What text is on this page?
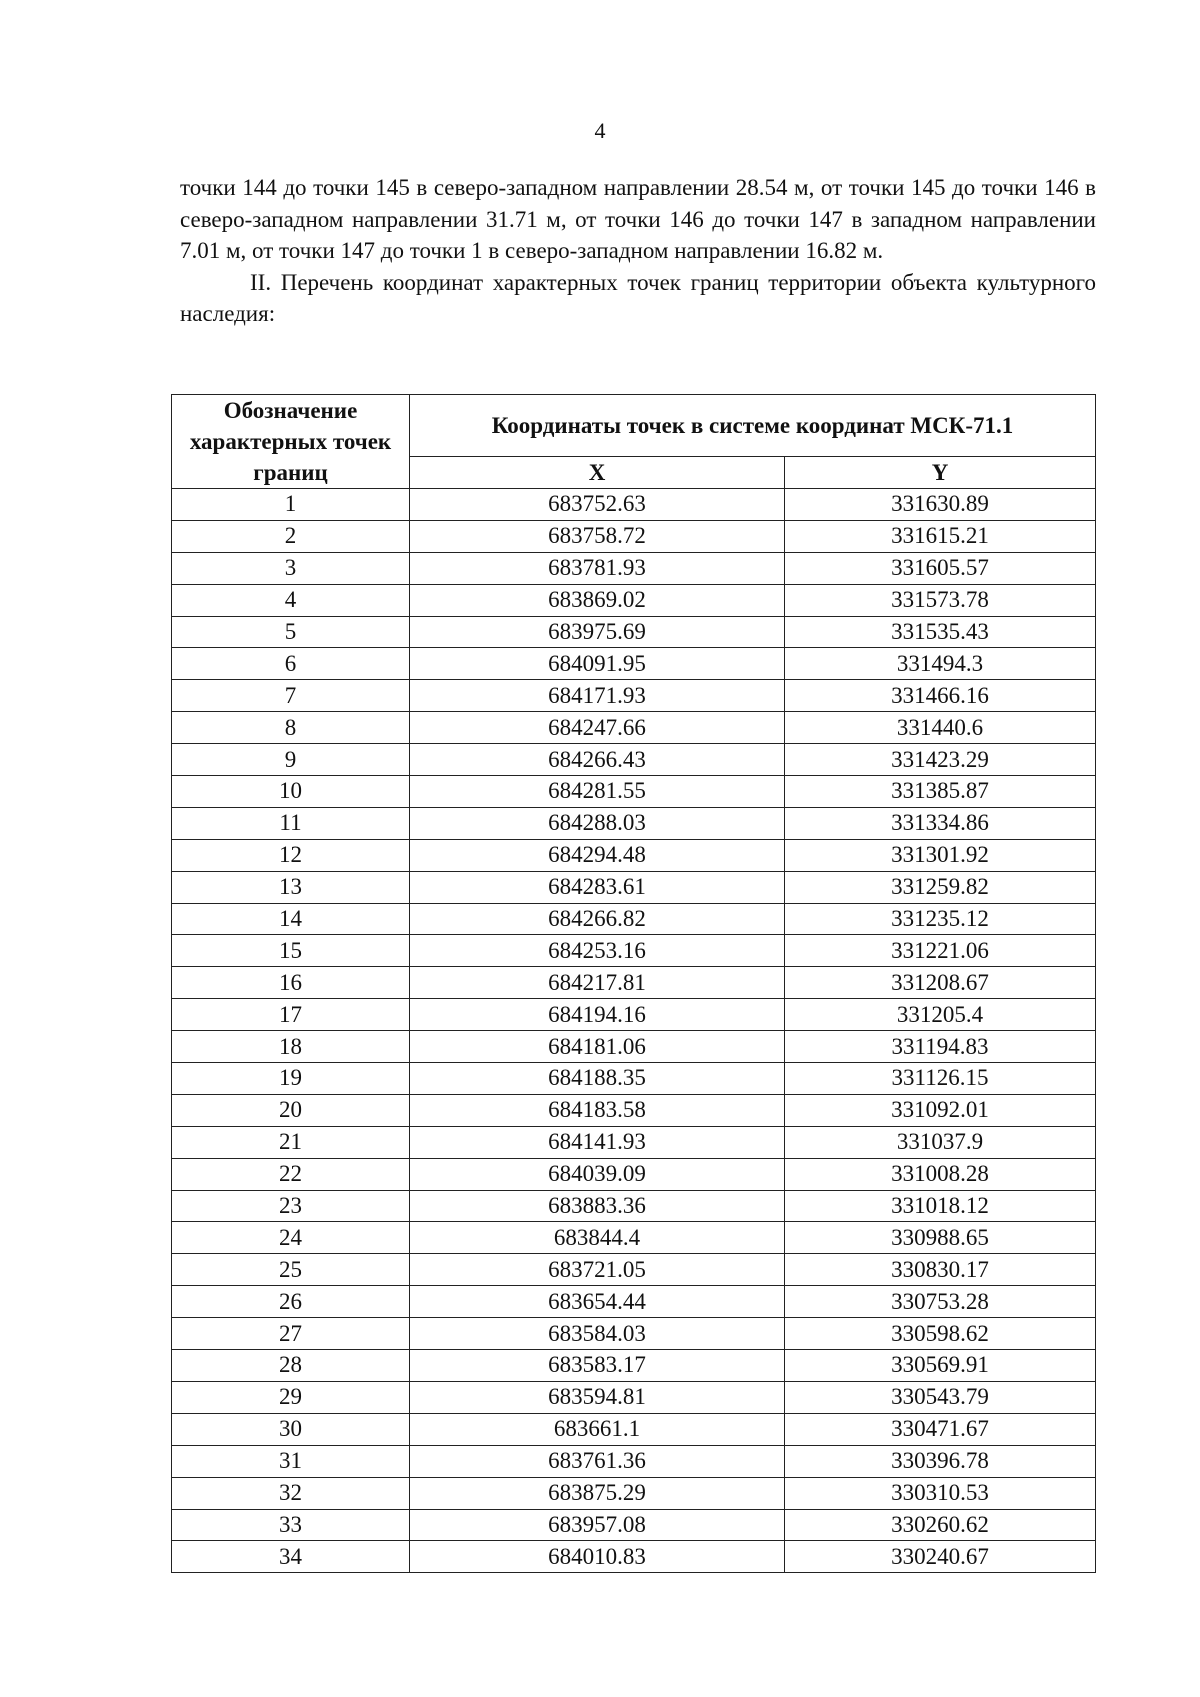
4

точки 144 до точки 145 в северо-западном направлении 28.54 м, от точки 145 до точки 146 в северо-западном направлении 31.71 м, от точки 146 до точки 147 в западном направлении 7.01 м, от точки 147 до точки 1 в северо-западном направлении 16.82 м.

II. Перечень координат характерных точек границ территории объекта культурного наследия:

Обозначение характерных точек границ	Координаты точек в системе координат МСК-71.1	
	X	Y
1	683752.63	331630.89
2	683758.72	331615.21
3	683781.93	331605.57
4	683869.02	331573.78
5	683975.69	331535.43
6	684091.95	331494.3
7	684171.93	331466.16
8	684247.66	331440.6
9	684266.43	331423.29
10	684281.55	331385.87
11	684288.03	331334.86
12	684294.48	331301.92
13	684283.61	331259.82
14	684266.82	331235.12
15	684253.16	331221.06
16	684217.81	331208.67
17	684194.16	331205.4
18	684181.06	331194.83
19	684188.35	331126.15
20	684183.58	331092.01
21	684141.93	331037.9
22	684039.09	331008.28
23	683883.36	331018.12
24	683844.4	330988.65
25	683721.05	330830.17
26	683654.44	330753.28
27	683584.03	330598.62
28	683583.17	330569.91
29	683594.81	330543.79
30	683661.1	330471.67
31	683761.36	330396.78
32	683875.29	330310.53
33	683957.08	330260.62
34	684010.83	330240.67
